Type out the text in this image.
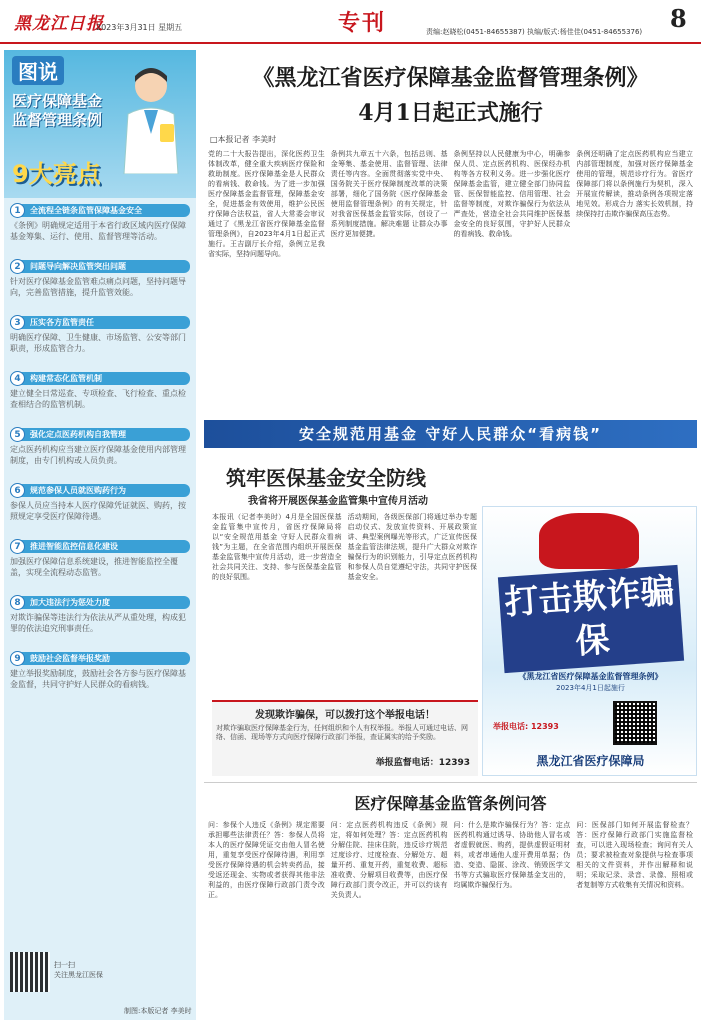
黑龙江日报
2023年3月31日 星期五	专刊	责编:赵晓松(0451-84655387) 执编/版式:杨佳佳(0451-84655376) 8
图说
医疗保障基金
监督管理条例
9大亮点
1	全流程全链条监管保障基金安全

《条例》明确规定适用于本省行政区域内医疗保障基金筹集、运行、使用、监督管理等活动。

2	问题导向解决监管突出问题

针对医疗保障基金监管难点痛点问题，坚持问题导向，完善监管措施，提升监管效能。

3	压实各方监管责任

明确医疗保障、卫生健康、市场监管、公安等部门职责，形成监管合力。

4	构建常态化监管机制

建立健全日常巡查、专项检查、飞行检查、重点检查相结合的监管机制。

5	强化定点医药机构自我管理

定点医药机构应当建立医疗保障基金使用内部管理制度，由专门机构或人员负责。

6	规范参保人员就医购药行为

参保人员应当持本人医疗保障凭证就医、购药，按照规定享受医疗保障待遇。

7	推进智能监控信息化建设

加强医疗保障信息系统建设，推进智能监控全覆盖，实现全流程动态监管。

8	加大违法行为惩处力度

对欺诈骗保等违法行为依法从严从重处理，构成犯罪的依法追究刑事责任。

9	鼓励社会监督举报奖励

建立举报奖励制度，鼓励社会各方参与医疗保障基金监督，共同守护好人民群众的看病钱。

扫一扫
关注黑龙江医保
制图:本版记者 李美时
《黑龙江省医疗保障基金监督管理条例》
4月1日起正式施行
□本报记者 李美时
党的二十大报告提出，深化医药卫生体制改革，健全重大疾病医疗保险和救助制度。医疗保障基金是人民群众的看病钱、救命钱。为了进一步加强医疗保障基金监督管理，保障基金安全，促进基金有效使用，维护公民医疗保障合法权益，省人大常委会审议通过了《黑龙江省医疗保障基金监督管理条例》，自2023年4月1日起正式施行。王吉副厅长介绍，条例立足我省实际，坚持问题导向。
条例共九章五十六条，包括总则、基金筹集、基金使用、监督管理、法律责任等内容。全面贯彻落实党中央、国务院关于医疗保障制度改革的决策部署，细化了国务院《医疗保障基金使用监督管理条例》的有关规定，针对我省医保基金监管实际，创设了一系列制度措施。解决难题 让群众办事医疗更加便捷。
条例坚持以人民健康为中心，明确参保人员、定点医药机构、医保经办机构等各方权利义务。进一步强化医疗保障基金监管，建立健全部门协同监管、医保智能监控、信用管理、社会监督等制度，对欺诈骗保行为依法从严查处，营造全社会共同维护医保基金安全的良好氛围，守护好人民群众的看病钱、救命钱。
条例还明确了定点医药机构应当建立内部管理制度，加强对医疗保障基金使用的管理，规范诊疗行为。省医疗保障部门将以条例施行为契机，深入开展宣传解读，推动条例各项规定落地见效。形成合力 落实长效机制，持续保持打击欺诈骗保高压态势。
安全规范用基金 守好人民群众“看病钱”
筑牢医保基金安全防线
我省将开展医保基金监管集中宣传月活动
本报讯（记者李美时）4月是全国医保基金监管集中宣传月，省医疗保障局将以“安全规范用基金 守好人民群众看病钱”为主题，在全省范围内组织开展医保基金监管集中宣传月活动，进一步营造全社会共同关注、支持、参与医保基金监管的良好氛围。
活动期间，各级医保部门将通过举办专题启动仪式、发放宣传资料、开展政策宣讲、典型案例曝光等形式，广泛宣传医保基金监管法律法规，提升广大群众对欺诈骗保行为的识别能力，引导定点医药机构和参保人员自觉遵纪守法，共同守护医保基金安全。	打击欺诈骗保
《黑龙江省医疗保障基金监督管理条例》
2023年4月1日起施行
举报电话: 12393
黑龙江省医疗保障局
发现欺诈骗保，可以拨打这个举报电话！
对欺诈骗取医疗保障基金行为，任何组织和个人有权举报。举报人可通过电话、网络、信函、现场等方式向医疗保障行政部门举报，查证属实的给予奖励。
举报监督电话：12393
医疗保障基金监管条例问答
问：参保个人违反《条例》规定需要承担哪些法律责任？答：参保人员将本人的医疗保障凭证交由他人冒名使用，重复享受医疗保障待遇，利用享受医疗保障待遇的机会转卖药品，接受返还现金、实物或者获得其他非法利益的，由医疗保障行政部门责令改正。
问：定点医药机构违反《条例》规定，将如何处理？答：定点医药机构分解住院、挂床住院，违反诊疗规范过度诊疗、过度检查、分解处方、超量开药、重复开药，重复收费、超标准收费、分解项目收费等，由医疗保障行政部门责令改正，并可以约谈有关负责人。
问：什么是欺诈骗保行为？答：定点医药机构通过诱导、协助他人冒名或者虚假就医、购药，提供虚假证明材料，或者串通他人虚开费用单据；伪造、变造、隐匿、涂改、销毁医学文书等方式骗取医疗保障基金支出的，均属欺诈骗保行为。
问：医保部门如何开展监督检查？答：医疗保障行政部门实施监督检查，可以进入现场检查；询问有关人员；要求被检查对象提供与检查事项相关的文件资料，并作出解释和说明；采取记录、录音、录像、照相或者复制等方式收集有关情况和资料。
